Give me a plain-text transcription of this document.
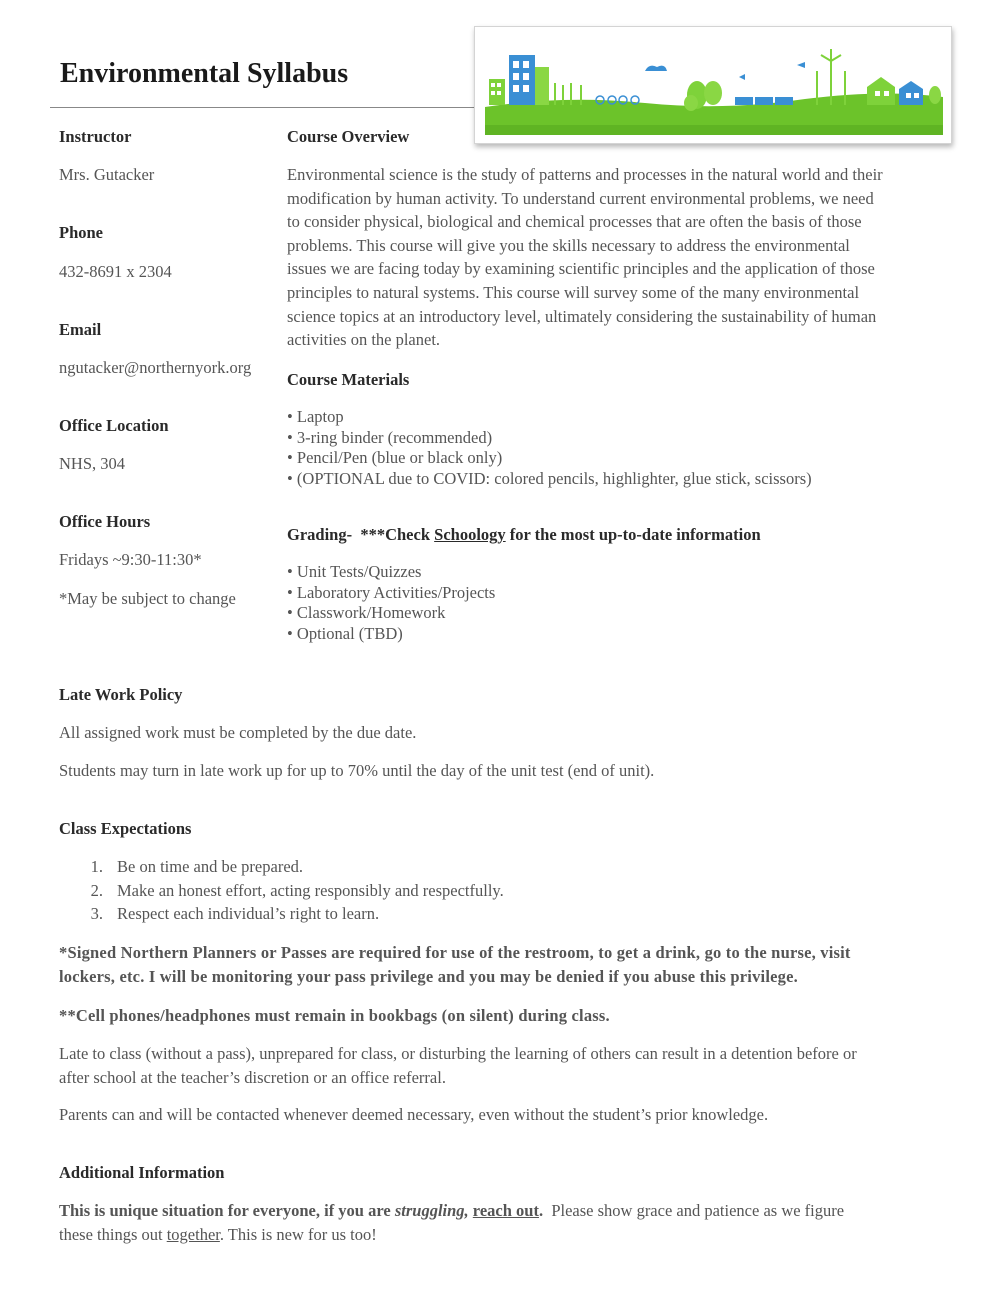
Environmental Syllabus
Instructor
Mrs. Gutacker
Phone
432-8691 x 2304
Email
ngutacker@northernyork.org
Office Location
NHS, 304
Office Hours
Fridays ~9:30-11:30*
*May be subject to change
Course Overview
Environmental science is the study of patterns and processes in the natural world and their
modification by human activity. To understand current environmental problems, we need
to consider physical, biological and chemical processes that are often the basis of those
problems. This course will give you the skills necessary to address the environmental
issues we are facing today by examining scientific principles and the application of those
principles to natural systems. This course will survey some of the many environmental
science topics at an introductory level, ultimately considering the sustainability of human
activities on the planet.
Course Materials
• Laptop
• 3-ring binder (recommended)
• Pencil/Pen (blue or black only)
• (OPTIONAL due to COVID: colored pencils, highlighter, glue stick, scissors)
Grading-  ***Check Schoology for the most up-to-date information
• Unit Tests/Quizzes
• Laboratory Activities/Projects
• Classwork/Homework
• Optional (TBD)
Late Work Policy
All assigned work must be completed by the due date.
Students may turn in late work up for up to 70% until the day of the unit test (end of unit).
Class Expectations
1. Be on time and be prepared.
2. Make an honest effort, acting responsibly and respectfully.
3. Respect each individual’s right to learn.
*Signed Northern Planners or Passes are required for use of the restroom, to get a drink, go to the nurse, visit
lockers, etc. I will be monitoring your pass privilege and you may be denied if you abuse this privilege.
**Cell phones/headphones must remain in bookbags (on silent) during class.
Late to class (without a pass), unprepared for class, or disturbing the learning of others can result in a detention before or
after school at the teacher’s discretion or an office referral.
Parents can and will be contacted whenever deemed necessary, even without the student’s prior knowledge.
Additional Information
This is unique situation for everyone, if you are struggling, reach out.  Please show grace and patience as we figure
these things out together. This is new for us too!
